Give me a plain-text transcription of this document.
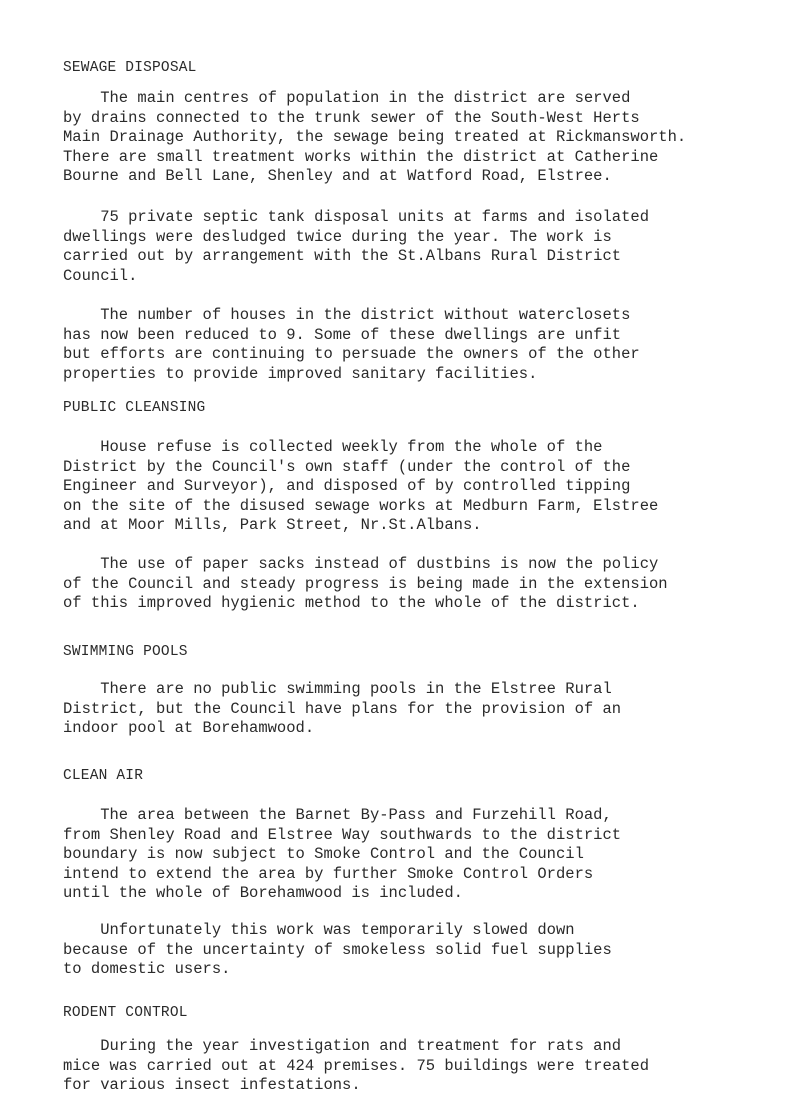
SEWAGE DISPOSAL

The main centres of population in the district are served
by drains connected to the trunk sewer of the South-West Herts
Main Drainage Authority, the sewage being treated at Rickmansworth.
There are small treatment works within the district at Catherine
Bourne and Bell Lane, Shenley and at Watford Road, Elstree.

75 private septic tank disposal units at farms and isolated
dwellings were desludged twice during the year. The work is
carried out by arrangement with the St.Albans Rural District
Council.

The number of houses in the district without waterclosets
has now been reduced to 9. Some of these dwellings are unfit
but efforts are continuing to persuade the owners of the other
properties to provide improved sanitary facilities.

PUBLIC CLEANSING

House refuse is collected weekly from the whole of the
District by the Council's own staff (under the control of the
Engineer and Surveyor), and disposed of by controlled tipping
on the site of the disused sewage works at Medburn Farm, Elstree
and at Moor Mills, Park Street, Nr.St.Albans.

The use of paper sacks instead of dustbins is now the policy
of the Council and steady progress is being made in the extension
of this improved hygienic method to the whole of the district.

SWIMMING POOLS

There are no public swimming pools in the Elstree Rural
District, but the Council have plans for the provision of an
indoor pool at Borehamwood.

CLEAN AIR

The area between the Barnet By-Pass and Furzehill Road,
from Shenley Road and Elstree Way southwards to the district
boundary is now subject to Smoke Control and the Council
intend to extend the area by further Smoke Control Orders
until the whole of Borehamwood is included.

Unfortunately this work was temporarily slowed down
because of the uncertainty of smokeless solid fuel supplies
to domestic users.

RODENT CONTROL

During the year investigation and treatment for rats and
mice was carried out at 424 premises. 75 buildings were treated
for various insect infestations.
